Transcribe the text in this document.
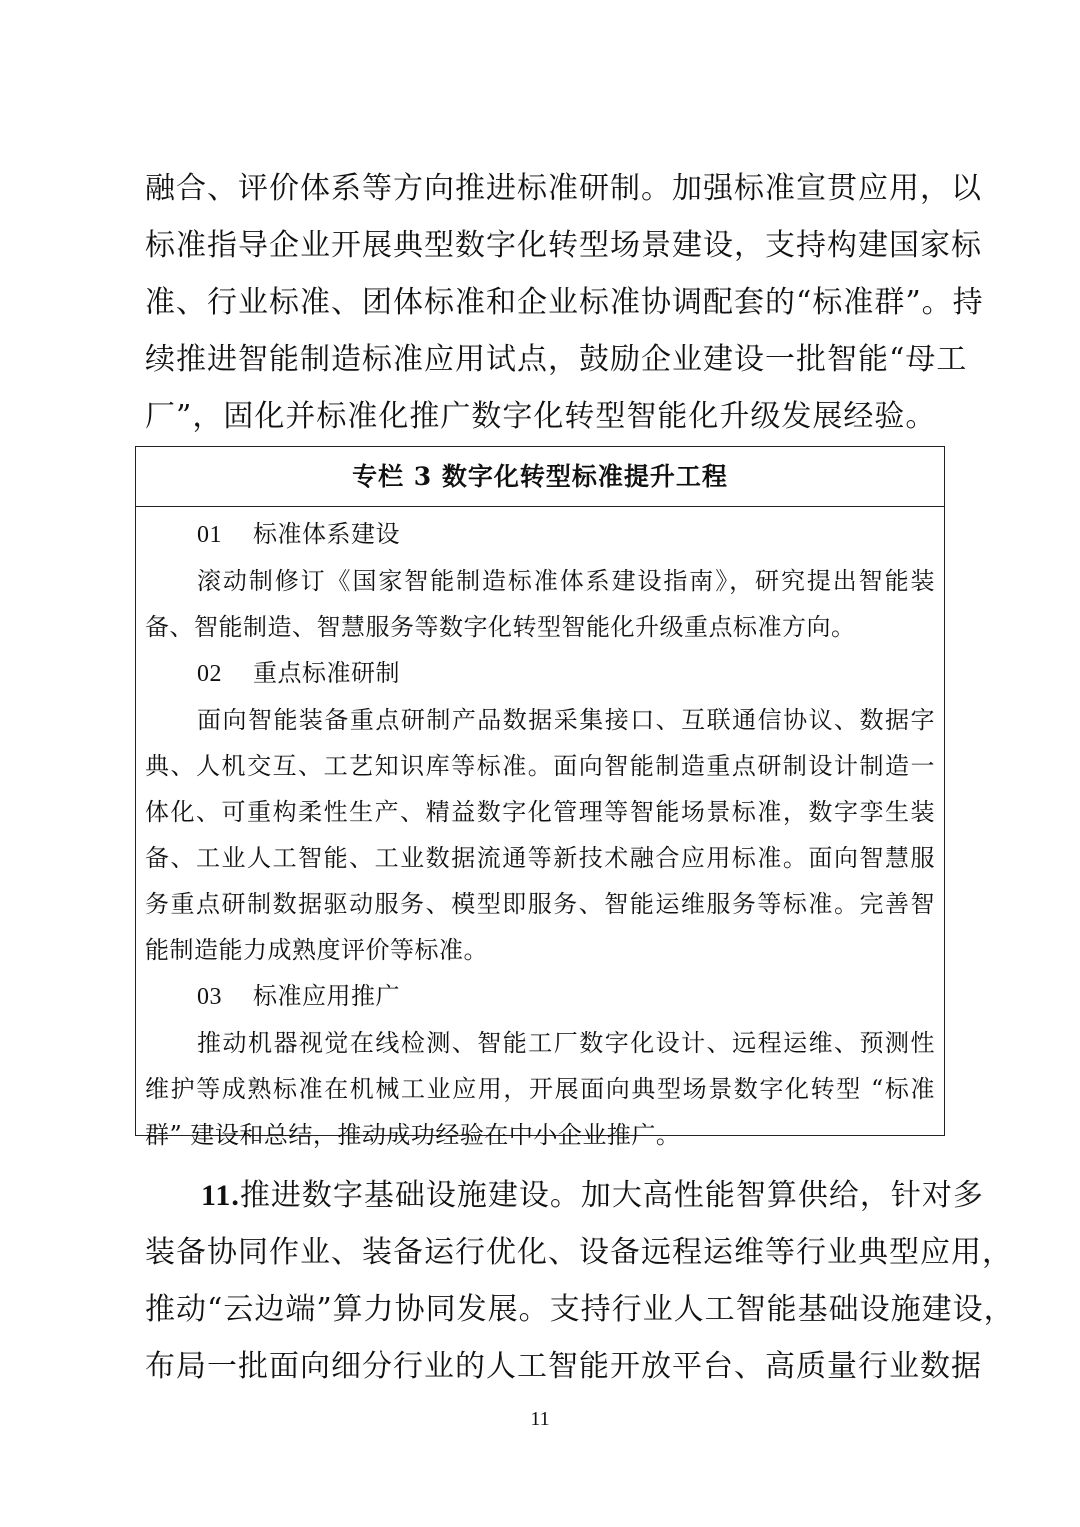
融合、评价体系等方向推进标准研制。加强标准宣贯应用，以
标准指导企业开展典型数字化转型场景建设，支持构建国家标
准、行业标准、团体标准和企业标准协调配套的“标准群”。持
续推进智能制造标准应用试点，鼓励企业建设一批智能“母工
厂”，固化并标准化推广数字化转型智能化升级发展经验。
专栏 3 数字化转型标准提升工程
01 标准体系建设
滚动制修订《国家智能制造标准体系建设指南》，研究提出智能装
备、智能制造、智慧服务等数字化转型智能化升级重点标准方向。
02 重点标准研制
面向智能装备重点研制产品数据采集接口、互联通信协议、数据字
典、人机交互、工艺知识库等标准。面向智能制造重点研制设计制造一
体化、可重构柔性生产、精益数字化管理等智能场景标准，数字孪生装
备、工业人工智能、工业数据流通等新技术融合应用标准。面向智慧服
务重点研制数据驱动服务、模型即服务、智能运维服务等标准。完善智
能制造能力成熟度评价等标准。
03 标准应用推广
推动机器视觉在线检测、智能工厂数字化设计、远程运维、预测性
维护等成熟标准在机械工业应用，开展面向典型场景数字化转型 “标准
群” 建设和总结，推动成功经验在中小企业推广。
11.推进数字基础设施建设。加大高性能智算供给，针对多
装备协同作业、装备运行优化、设备远程运维等行业典型应用，
推动“云边端”算力协同发展。支持行业人工智能基础设施建设，
布局一批面向细分行业的人工智能开放平台、高质量行业数据
11
